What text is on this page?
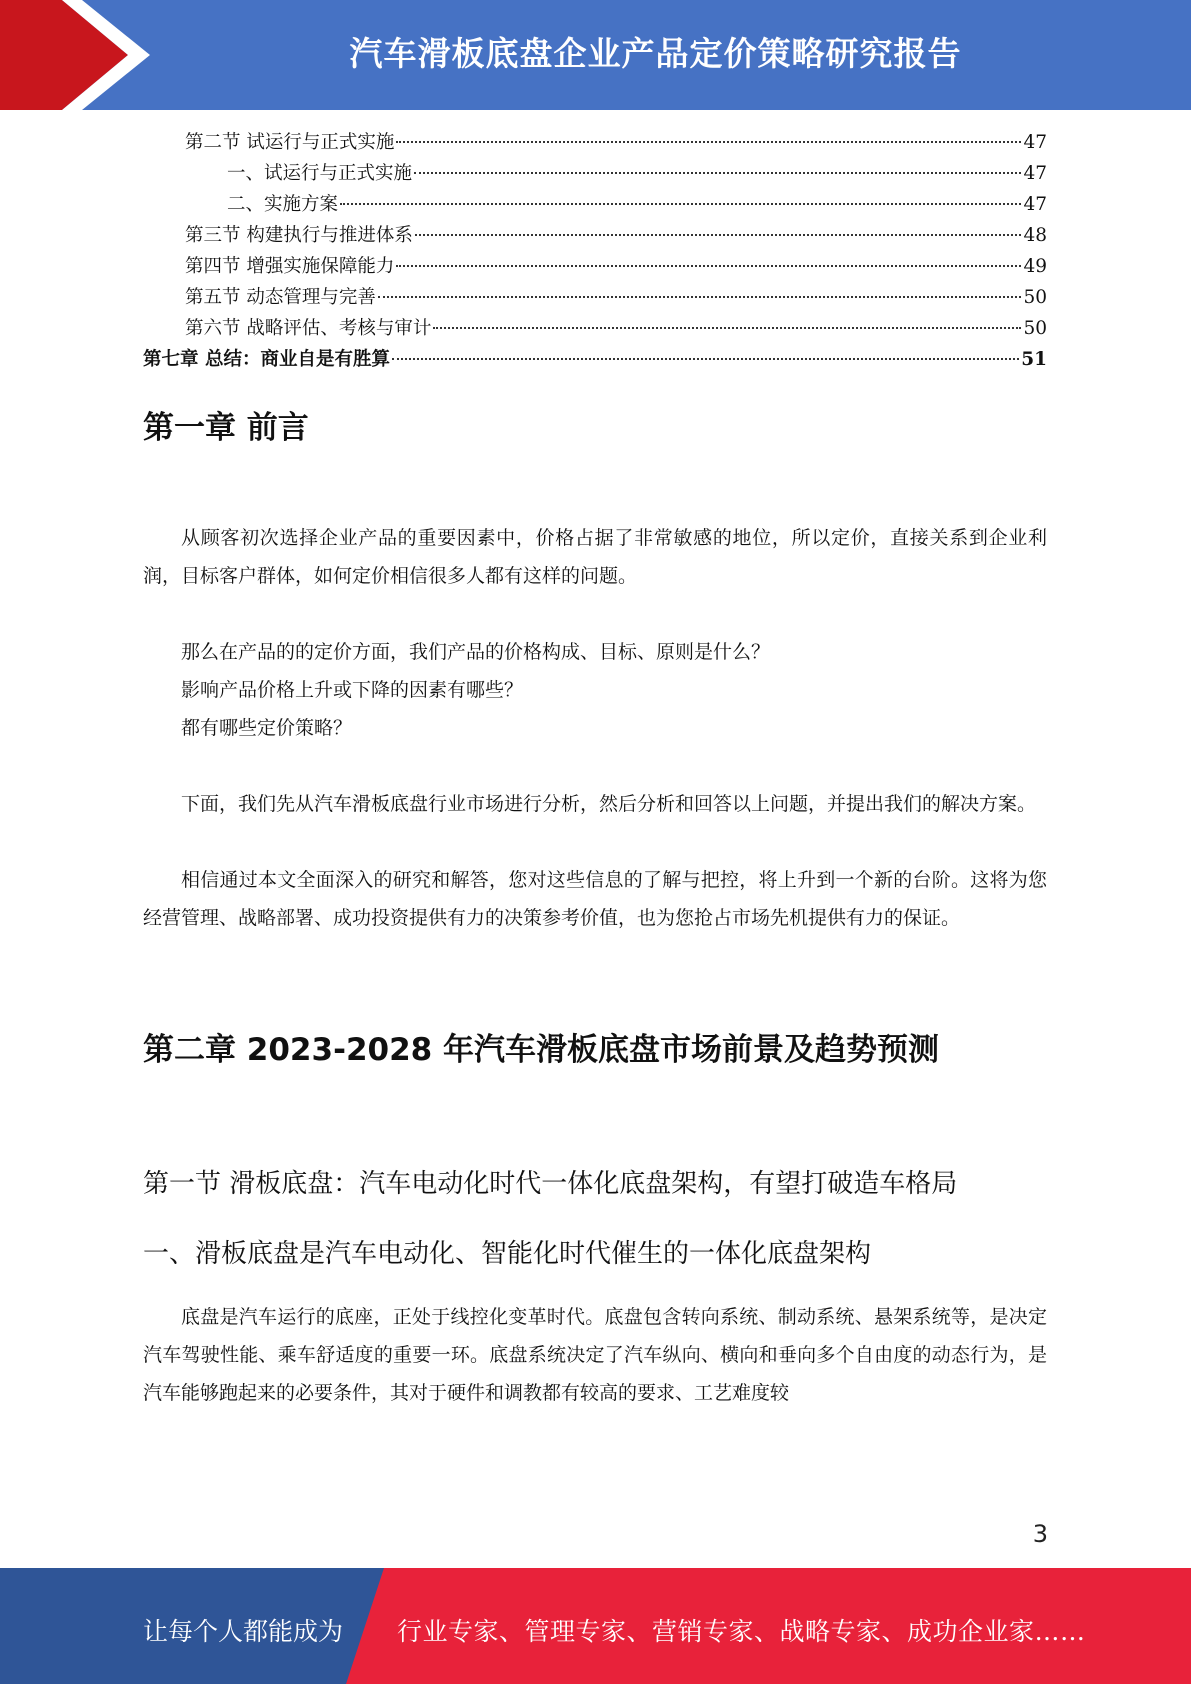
汽车滑板底盘企业产品定价策略研究报告
第二节 试运行与正式实施	47
一、试运行与正式实施	47
二、实施方案	47
第三节 构建执行与推进体系	48
第四节 增强实施保障能力	49
第五节 动态管理与完善	50
第六节 战略评估、考核与审计	50
第七章 总结：商业自是有胜算	51
第一章 前言

从顾客初次选择企业产品的重要因素中，价格占据了非常敏感的地位，所以定价，直接关系到企业利润，目标客户群体，如何定价相信很多人都有这样的问题。

那么在产品的的定价方面，我们产品的价格构成、目标、原则是什么？

影响产品价格上升或下降的因素有哪些？

都有哪些定价策略？

下面，我们先从汽车滑板底盘行业市场进行分析，然后分析和回答以上问题，并提出我们的解决方案。

相信通过本文全面深入的研究和解答，您对这些信息的了解与把控，将上升到一个新的台阶。这将为您经营管理、战略部署、成功投资提供有力的决策参考价值，也为您抢占市场先机提供有力的保证。

第二章 2023-2028 年汽车滑板底盘市场前景及趋势预测
第一节 滑板底盘：汽车电动化时代一体化底盘架构，有望打破造车格局
一、滑板底盘是汽车电动化、智能化时代催生的一体化底盘架构

底盘是汽车运行的底座，正处于线控化变革时代。底盘包含转向系统、制动系统、悬架系统等，是决定汽车驾驶性能、乘车舒适度的重要一环。底盘系统决定了汽车纵向、横向和垂向多个自由度的动态行为，是汽车能够跑起来的必要条件，其对于硬件和调教都有较高的要求、工艺难度较

3
让每个人都能成为 行业专家、管理专家、营销专家、战略专家、成功企业家……
